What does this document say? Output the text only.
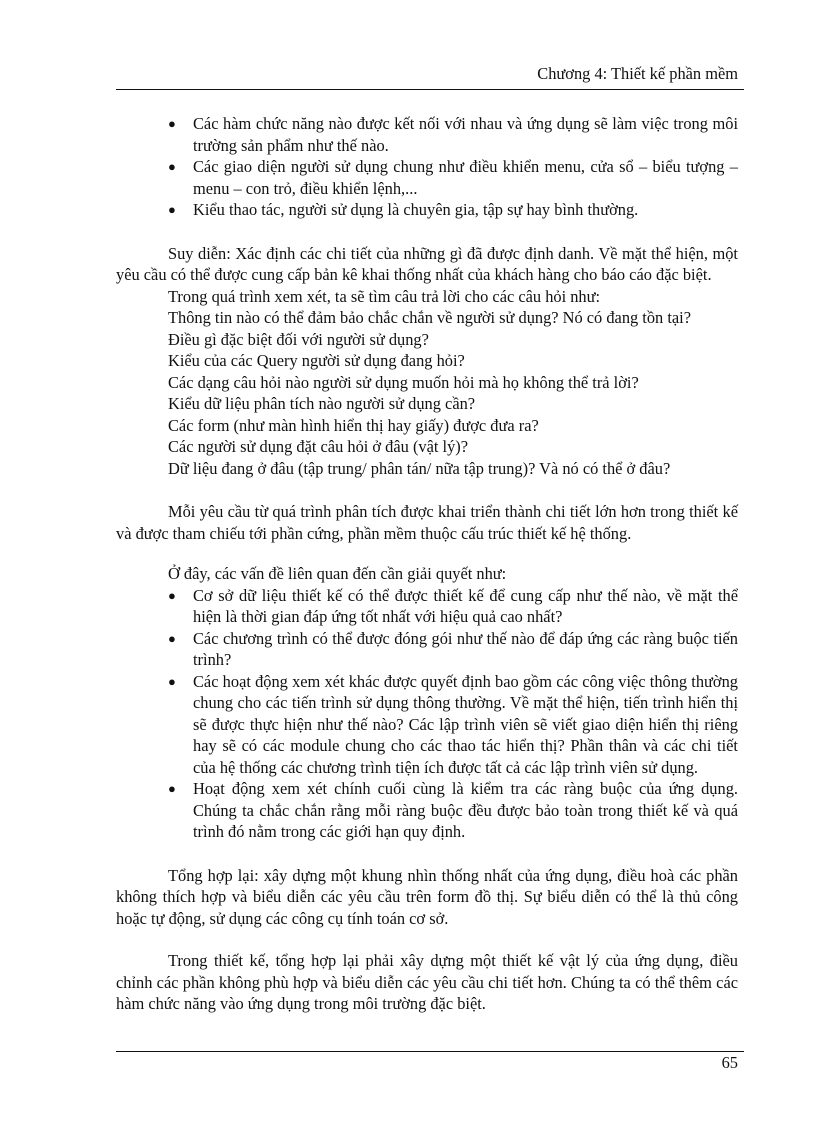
Chương 4: Thiết kế phần mềm
● Các hàm chức năng nào được kết nối với nhau và ứng dụng sẽ làm việc trong môi trường sản phẩm như thế nào.
● Các giao diện người sử dụng chung như điều khiển menu, cửa sổ – biểu tượng – menu – con trỏ, điều khiển lệnh,...
● Kiểu thao tác, người sử dụng là chuyên gia, tập sự hay bình thường.

Suy diễn: Xác định các chi tiết của những gì đã được định danh. Về mặt thể hiện, một yêu cầu có thể được cung cấp bản kê khai thống nhất của khách hàng cho báo cáo đặc biệt.

Trong quá trình xem xét, ta sẽ tìm câu trả lời cho các câu hỏi như:

Thông tin nào có thể đảm bảo chắc chắn về người sử dụng? Nó có đang tồn tại?

Điều gì đặc biệt đối với người sử dụng?

Kiểu của các Query người sử dụng đang hỏi?

Các dạng câu hỏi nào người sử dụng muốn hỏi mà họ không thể trả lời?

Kiểu dữ liệu phân tích nào người sử dụng cần?

Các form (như màn hình hiển thị hay giấy) được đưa ra?

Các người sử dụng đặt câu hỏi ở đâu (vật lý)?

Dữ liệu đang ở đâu (tập trung/ phân tán/ nữa tập trung)? Và nó có thể ở đâu?

Mỗi yêu cầu từ quá trình phân tích được khai triển thành chi tiết lớn hơn trong thiết kế và được tham chiếu tới phần cứng, phần mềm thuộc cấu trúc thiết kế hệ thống.

Ở đây, các vấn đề liên quan đến cần giải quyết như:

● Cơ sở dữ liệu thiết kế có thể được thiết kế để cung cấp như thế nào, về mặt thể hiện là thời gian đáp ứng tốt nhất với hiệu quả cao nhất?
● Các chương trình có thể được đóng gói như thế nào để đáp ứng các ràng buộc tiến trình?
● Các hoạt động xem xét khác được quyết định bao gồm các công việc thông thường chung cho các tiến trình sử dụng thông thường. Về mặt thể hiện, tiến trình hiển thị sẽ được thực hiện như thế nào? Các lập trình viên sẽ viết giao diện hiển thị riêng hay sẽ có các module chung cho các thao tác hiển thị? Phần thân và các chi tiết của hệ thống các chương trình tiện ích được tất cả các lập trình viên sử dụng.
● Hoạt động xem xét chính cuối cùng là kiểm tra các ràng buộc của ứng dụng. Chúng ta chắc chắn rằng mỗi ràng buộc đều được bảo toàn trong thiết kế và quá trình đó nằm trong các giới hạn quy định.

Tổng hợp lại: xây dựng một khung nhìn thống nhất của ứng dụng, điều hoà các phần không thích hợp và biểu diễn các yêu cầu trên form đồ thị. Sự biểu diễn có thể là thủ công hoặc tự động, sử dụng các công cụ tính toán cơ sở.

Trong thiết kế, tổng hợp lại phải xây dựng một thiết kế vật lý của ứng dụng, điều chỉnh các phần không phù hợp và biểu diễn các yêu cầu chi tiết hơn. Chúng ta có thể thêm các hàm chức năng vào ứng dụng trong môi trường đặc biệt.

65
